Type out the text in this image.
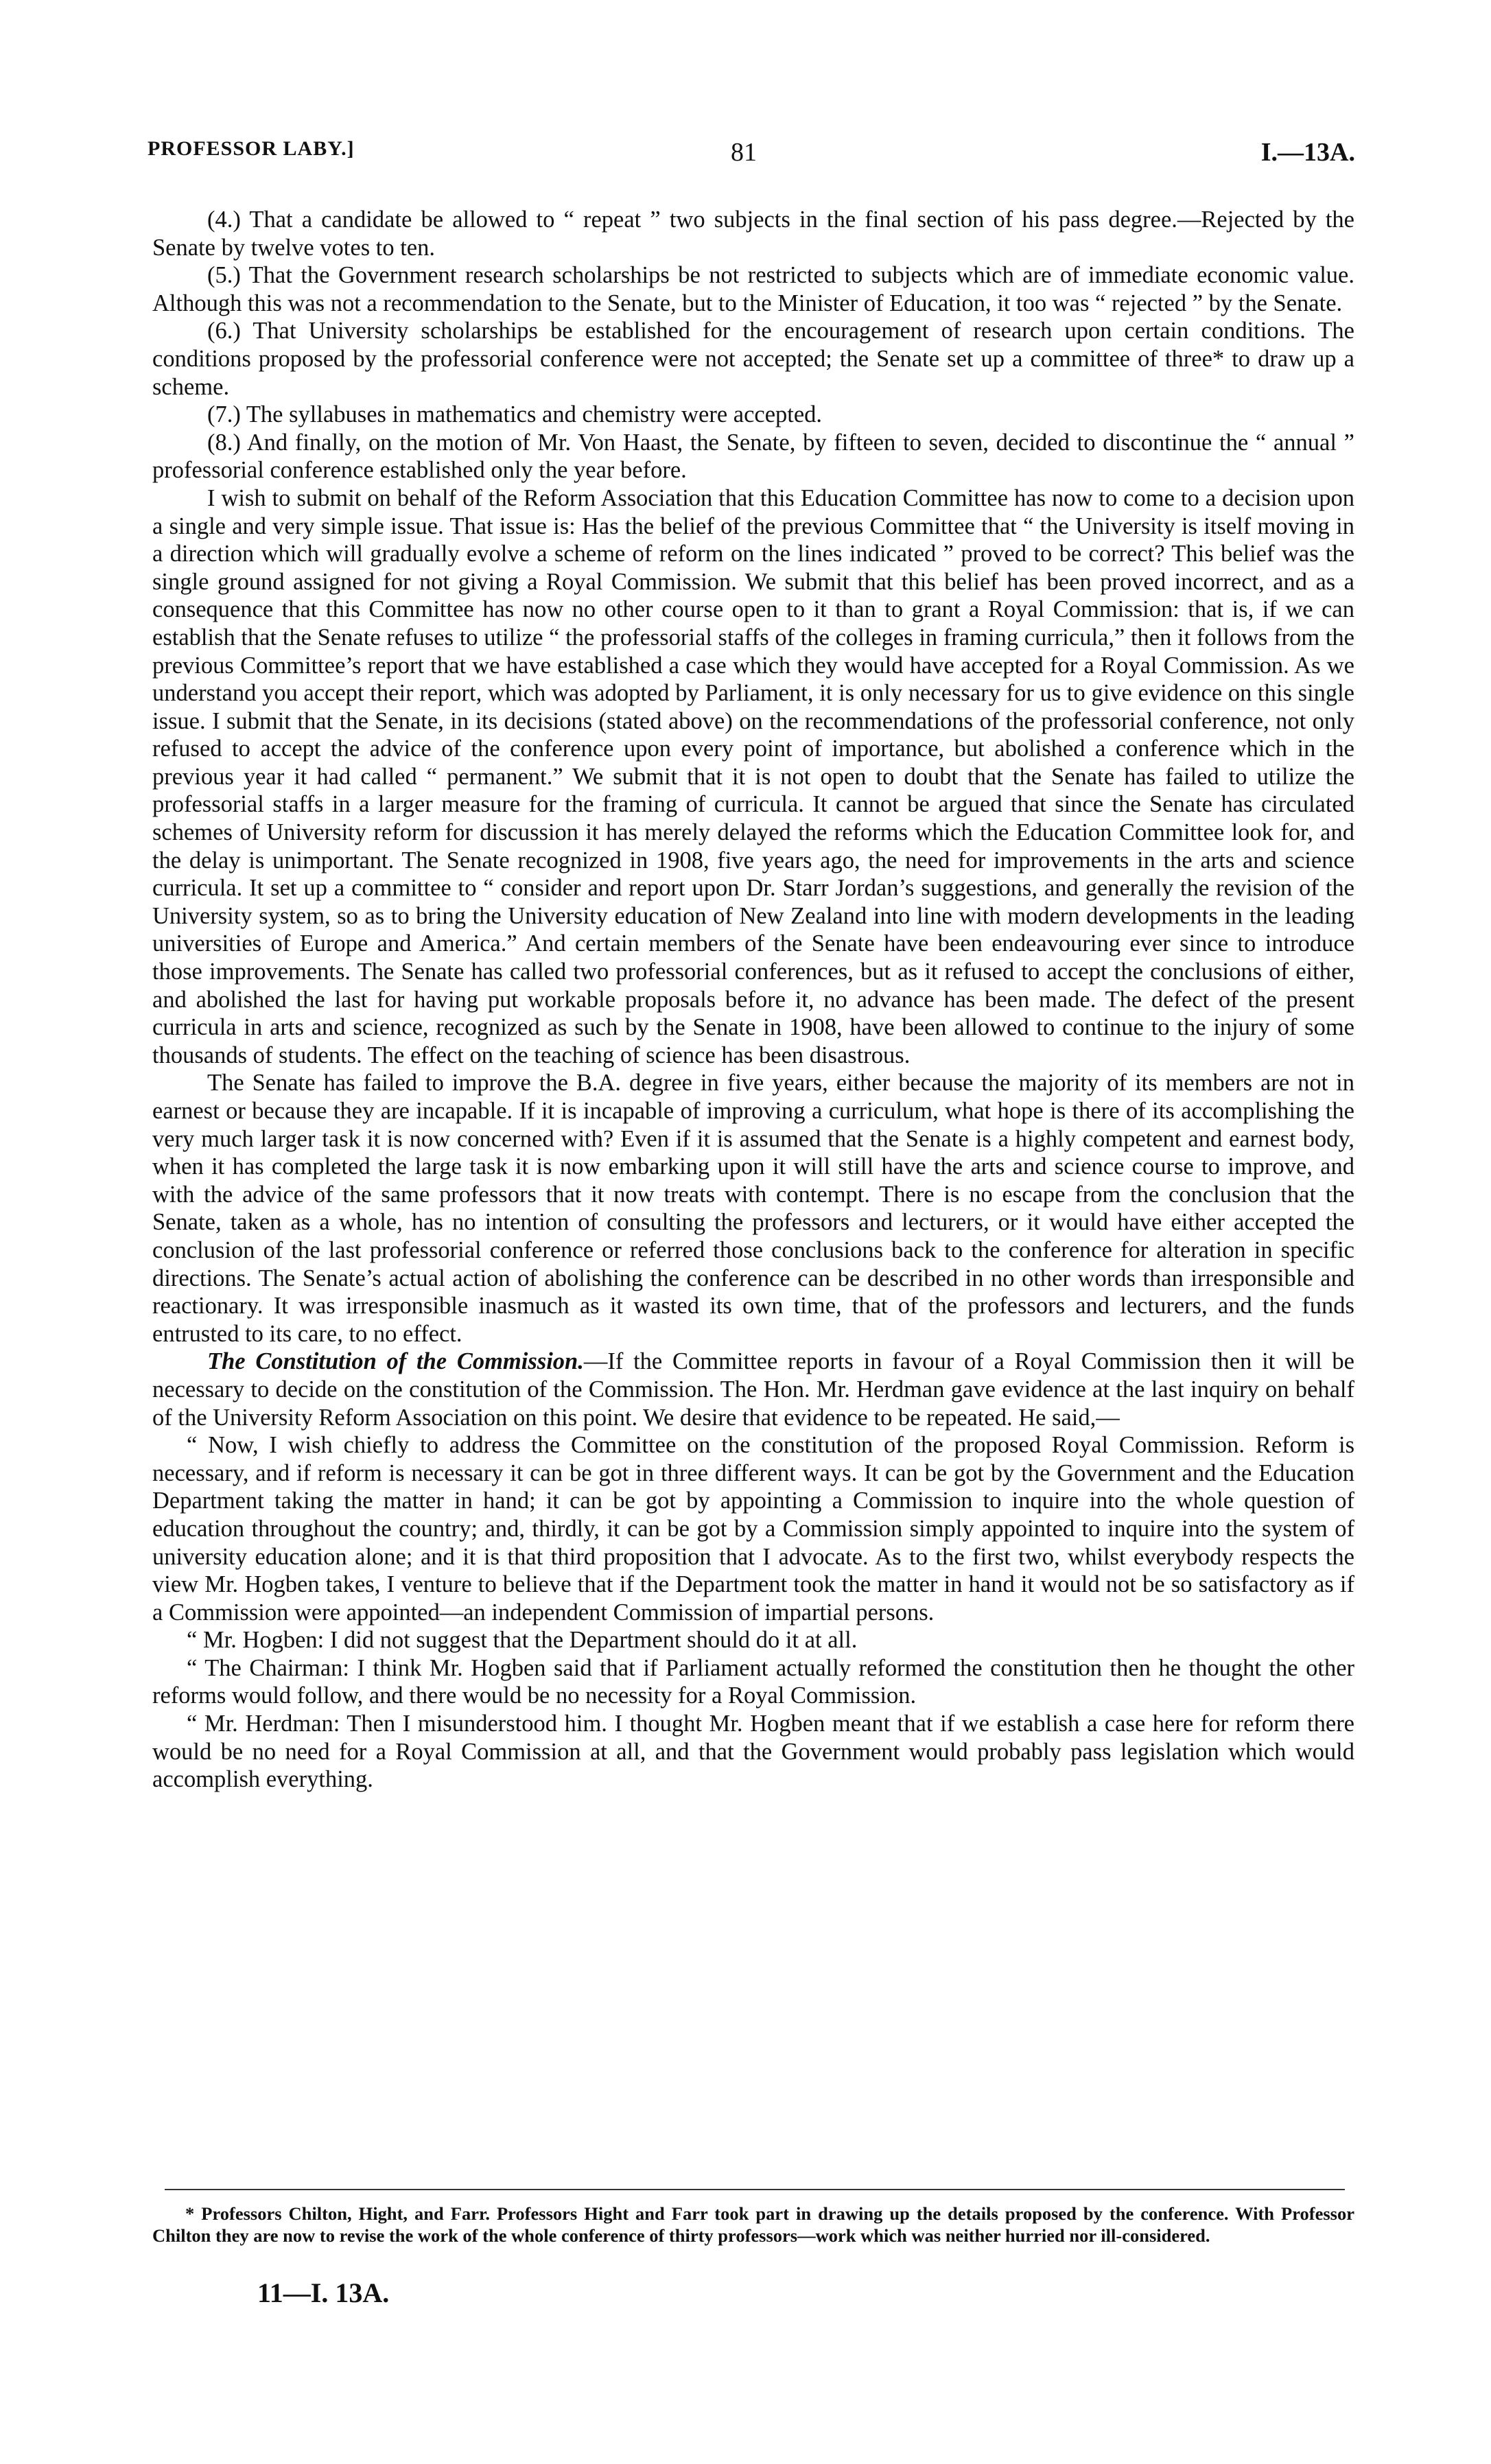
PROFESSOR LABY.]	81	I.—13A.

(4.) That a candidate be allowed to “ repeat ” two subjects in the final section of his pass degree.—Rejected by the Senate by twelve votes to ten.

(5.) That the Government research scholarships be not restricted to subjects which are of immediate economic value. Although this was not a recommendation to the Senate, but to the Minister of Education, it too was “ rejected ” by the Senate.

(6.) That University scholarships be established for the encouragement of research upon certain conditions. The conditions proposed by the professorial conference were not accepted; the Senate set up a committee of three* to draw up a scheme.

(7.) The syllabuses in mathematics and chemistry were accepted.

(8.) And finally, on the motion of Mr. Von Haast, the Senate, by fifteen to seven, decided to discontinue the “ annual ” professorial conference established only the year before.

I wish to submit on behalf of the Reform Association that this Education Committee has now to come to a decision upon a single and very simple issue. That issue is: Has the belief of the previous Committee that “ the University is itself moving in a direction which will gradually evolve a scheme of reform on the lines indicated ” proved to be correct? This belief was the single ground assigned for not giving a Royal Commission. We submit that this belief has been proved incorrect, and as a consequence that this Committee has now no other course open to it than to grant a Royal Commission: that is, if we can establish that the Senate refuses to utilize “ the professorial staffs of the colleges in framing curricula,” then it follows from the previous Committee’s report that we have established a case which they would have accepted for a Royal Commission. As we understand you accept their report, which was adopted by Parliament, it is only necessary for us to give evidence on this single issue. I submit that the Senate, in its decisions (stated above) on the recommendations of the professorial conference, not only refused to accept the advice of the conference upon every point of importance, but abolished a conference which in the previous year it had called “ permanent.” We submit that it is not open to doubt that the Senate has failed to utilize the professorial staffs in a larger measure for the framing of curricula. It cannot be argued that since the Senate has circulated schemes of University reform for discussion it has merely delayed the reforms which the Education Committee look for, and the delay is unimportant. The Senate recognized in 1908, five years ago, the need for improvements in the arts and science curricula. It set up a committee to “ consider and report upon Dr. Starr Jordan’s suggestions, and generally the revision of the University system, so as to bring the University education of New Zealand into line with modern developments in the leading universities of Europe and America.” And certain members of the Senate have been endeavouring ever since to introduce those improvements. The Senate has called two professorial conferences, but as it refused to accept the conclusions of either, and abolished the last for having put workable proposals before it, no advance has been made. The defect of the present curricula in arts and science, recognized as such by the Senate in 1908, have been allowed to continue to the injury of some thousands of students. The effect on the teaching of science has been disastrous.

The Senate has failed to improve the B.A. degree in five years, either because the majority of its members are not in earnest or because they are incapable. If it is incapable of improving a curriculum, what hope is there of its accomplishing the very much larger task it is now concerned with? Even if it is assumed that the Senate is a highly competent and earnest body, when it has completed the large task it is now embarking upon it will still have the arts and science course to improve, and with the advice of the same professors that it now treats with contempt. There is no escape from the conclusion that the Senate, taken as a whole, has no intention of consulting the professors and lecturers, or it would have either accepted the conclusion of the last professorial conference or referred those conclusions back to the conference for alteration in specific directions. The Senate’s actual action of abolishing the conference can be described in no other words than irresponsible and reactionary. It was irresponsible inasmuch as it wasted its own time, that of the professors and lecturers, and the funds entrusted to its care, to no effect.

The Constitution of the Commission.—If the Committee reports in favour of a Royal Commission then it will be necessary to decide on the constitution of the Commission. The Hon. Mr. Herdman gave evidence at the last inquiry on behalf of the University Reform Association on this point. We desire that evidence to be repeated. He said,—

“ Now, I wish chiefly to address the Committee on the constitution of the proposed Royal Commission. Reform is necessary, and if reform is necessary it can be got in three different ways. It can be got by the Government and the Education Department taking the matter in hand; it can be got by appointing a Commission to inquire into the whole question of education throughout the country; and, thirdly, it can be got by a Commission simply appointed to inquire into the system of university education alone; and it is that third proposition that I advocate. As to the first two, whilst everybody respects the view Mr. Hogben takes, I venture to believe that if the Department took the matter in hand it would not be so satisfactory as if a Commission were appointed—an independent Commission of impartial persons.

“ Mr. Hogben: I did not suggest that the Department should do it at all.

“ The Chairman: I think Mr. Hogben said that if Parliament actually reformed the constitution then he thought the other reforms would follow, and there would be no necessity for a Royal Commission.

“ Mr. Herdman: Then I misunderstood him. I thought Mr. Hogben meant that if we establish a case here for reform there would be no need for a Royal Commission at all, and that the Government would probably pass legislation which would accomplish everything.

* Professors Chilton, Hight, and Farr. Professors Hight and Farr took part in drawing up the details proposed by the conference. With Professor Chilton they are now to revise the work of the whole conference of thirty professors—work which was neither hurried nor ill-considered.

11—I. 13A.
